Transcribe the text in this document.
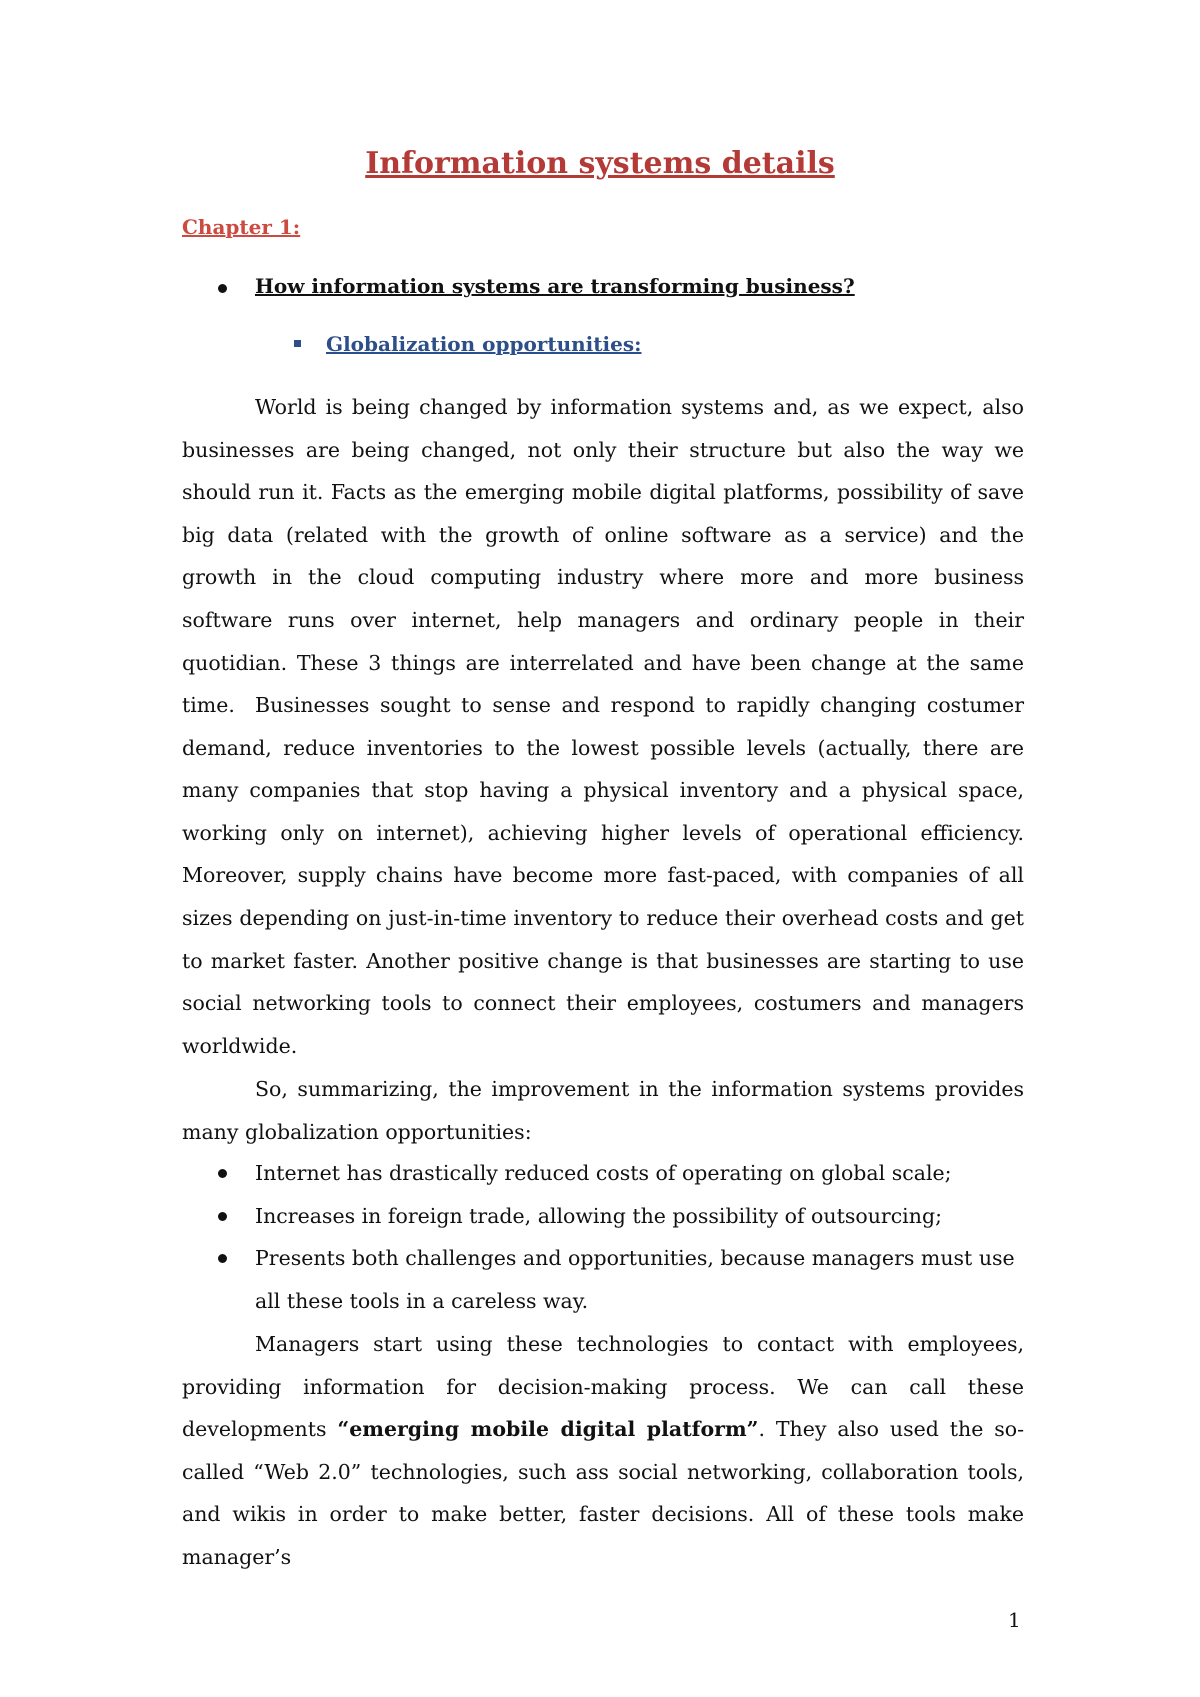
Information systems details
Chapter 1:
How information systems are transforming business?
Globalization opportunities:

World is being changed by information systems and, as we expect, also businesses are being changed, not only their structure but also the way we should run it. Facts as the emerging mobile digital platforms, possibility of save big data (related with the growth of online software as a service) and the growth in the cloud computing industry where more and more business software runs over internet, help managers and ordinary people in their quotidian. These 3 things are interrelated and have been change at the same time. Businesses sought to sense and respond to rapidly changing costumer demand, reduce inventories to the lowest possible levels (actually, there are many companies that stop having a physical inventory and a physical space, working only on internet), achieving higher levels of operational efficiency. Moreover, supply chains have become more fast-paced, with companies of all sizes depending on just-in-time inventory to reduce their overhead costs and get to market faster. Another positive change is that businesses are starting to use social networking tools to connect their employees, costumers and managers worldwide.

So, summarizing, the improvement in the information systems provides many globalization opportunities:

Internet has drastically reduced costs of operating on global scale;
Increases in foreign trade, allowing the possibility of outsourcing;
Presents both challenges and opportunities, because managers must use all these tools in a careless way.

Managers start using these technologies to contact with employees, providing information for decision-making process. We can call these developments “emerging mobile digital platform”. They also used the so-called “Web 2.0” technologies, such ass social networking, collaboration tools, and wikis in order to make better, faster decisions. All of these tools make manager’s

1
